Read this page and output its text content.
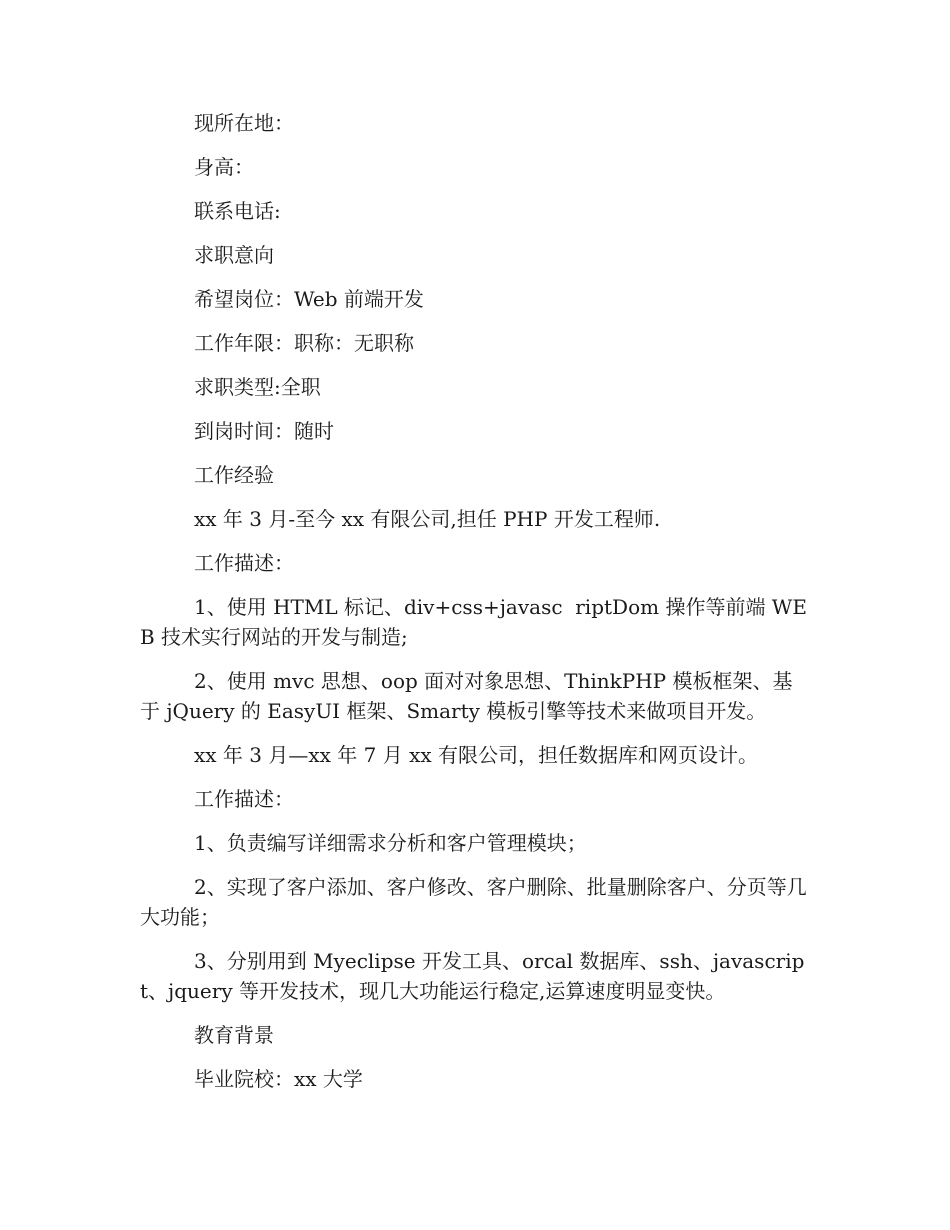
现所在地：

身高：

联系电话:

求职意向

希望岗位：Web 前端开发

工作年限：职称：无职称

求职类型:全职

到岗时间：随时

工作经验

xx 年 3 月-至今 xx 有限公司,担任 PHP 开发工程师.

工作描述：

1、使用 HTML 标记、div+css+javasc  riptDom 操作等前端 WEB 技术实行网站的开发与制造;

2、使用 mvc 思想、oop 面对对象思想、ThinkPHP 模板框架、基于 jQuery 的 EasyUI 框架、Smarty 模板引擎等技术来做项目开发。

xx 年 3 月—xx 年 7 月 xx 有限公司，担任数据库和网页设计。

工作描述：

1、负责编写详细需求分析和客户管理模块；

2、实现了客户添加、客户修改、客户删除、批量删除客户、分页等几大功能；

3、分别用到 Myeclipse 开发工具、orcal 数据库、ssh、javascript、jquery 等开发技术，现几大功能运行稳定,运算速度明显变快。

教育背景

毕业院校：xx 大学
